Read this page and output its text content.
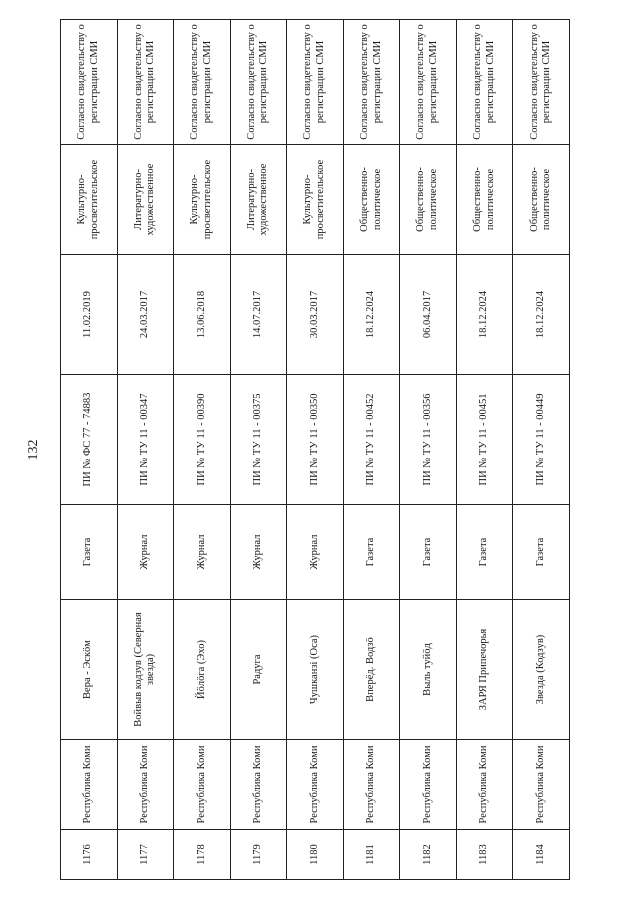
132
1176	Республика Коми	Вера - Эскöм	Газета	ПИ № ФС 77 - 74883	11.02.2019	Культурно-просветительское	Согласно свидетельству о регистрации СМИ
1177	Республика Коми	Войвыв кодзув (Северная звезда)	Журнал	ПИ № ТУ 11 - 00347	24.03.2017	Литературно-художественное	Согласно свидетельству о регистрации СМИ
1178	Республика Коми	Йöлöга (Эхо)	Журнал	ПИ № ТУ 11 - 00390	13.06.2018	Культурно-просветительское	Согласно свидетельству о регистрации СМИ
1179	Республика Коми	Радуга	Журнал	ПИ № ТУ 11 - 00375	14.07.2017	Литературно-художественное	Согласно свидетельству о регистрации СМИ
1180	Республика Коми	Чушканзi (Оса)	Журнал	ПИ № ТУ 11 - 00350	30.03.2017	Культурно-просветительское	Согласно свидетельству о регистрации СМИ
1181	Республика Коми	Вперёд. Водзö	Газета	ПИ № ТУ 11 - 00452	18.12.2024	Общественно-политическое	Согласно свидетельству о регистрации СМИ
1182	Республика Коми	Выль туйöд	Газета	ПИ № ТУ 11 - 00356	06.04.2017	Общественно-политическое	Согласно свидетельству о регистрации СМИ
1183	Республика Коми	ЗАРЯ Припечорья	Газета	ПИ № ТУ 11 - 00451	18.12.2024	Общественно-политическое	Согласно свидетельству о регистрации СМИ
1184	Республика Коми	Звезда (Кодзув)	Газета	ПИ № ТУ 11 - 00449	18.12.2024	Общественно-политическое	Согласно свидетельству о регистрации СМИ
